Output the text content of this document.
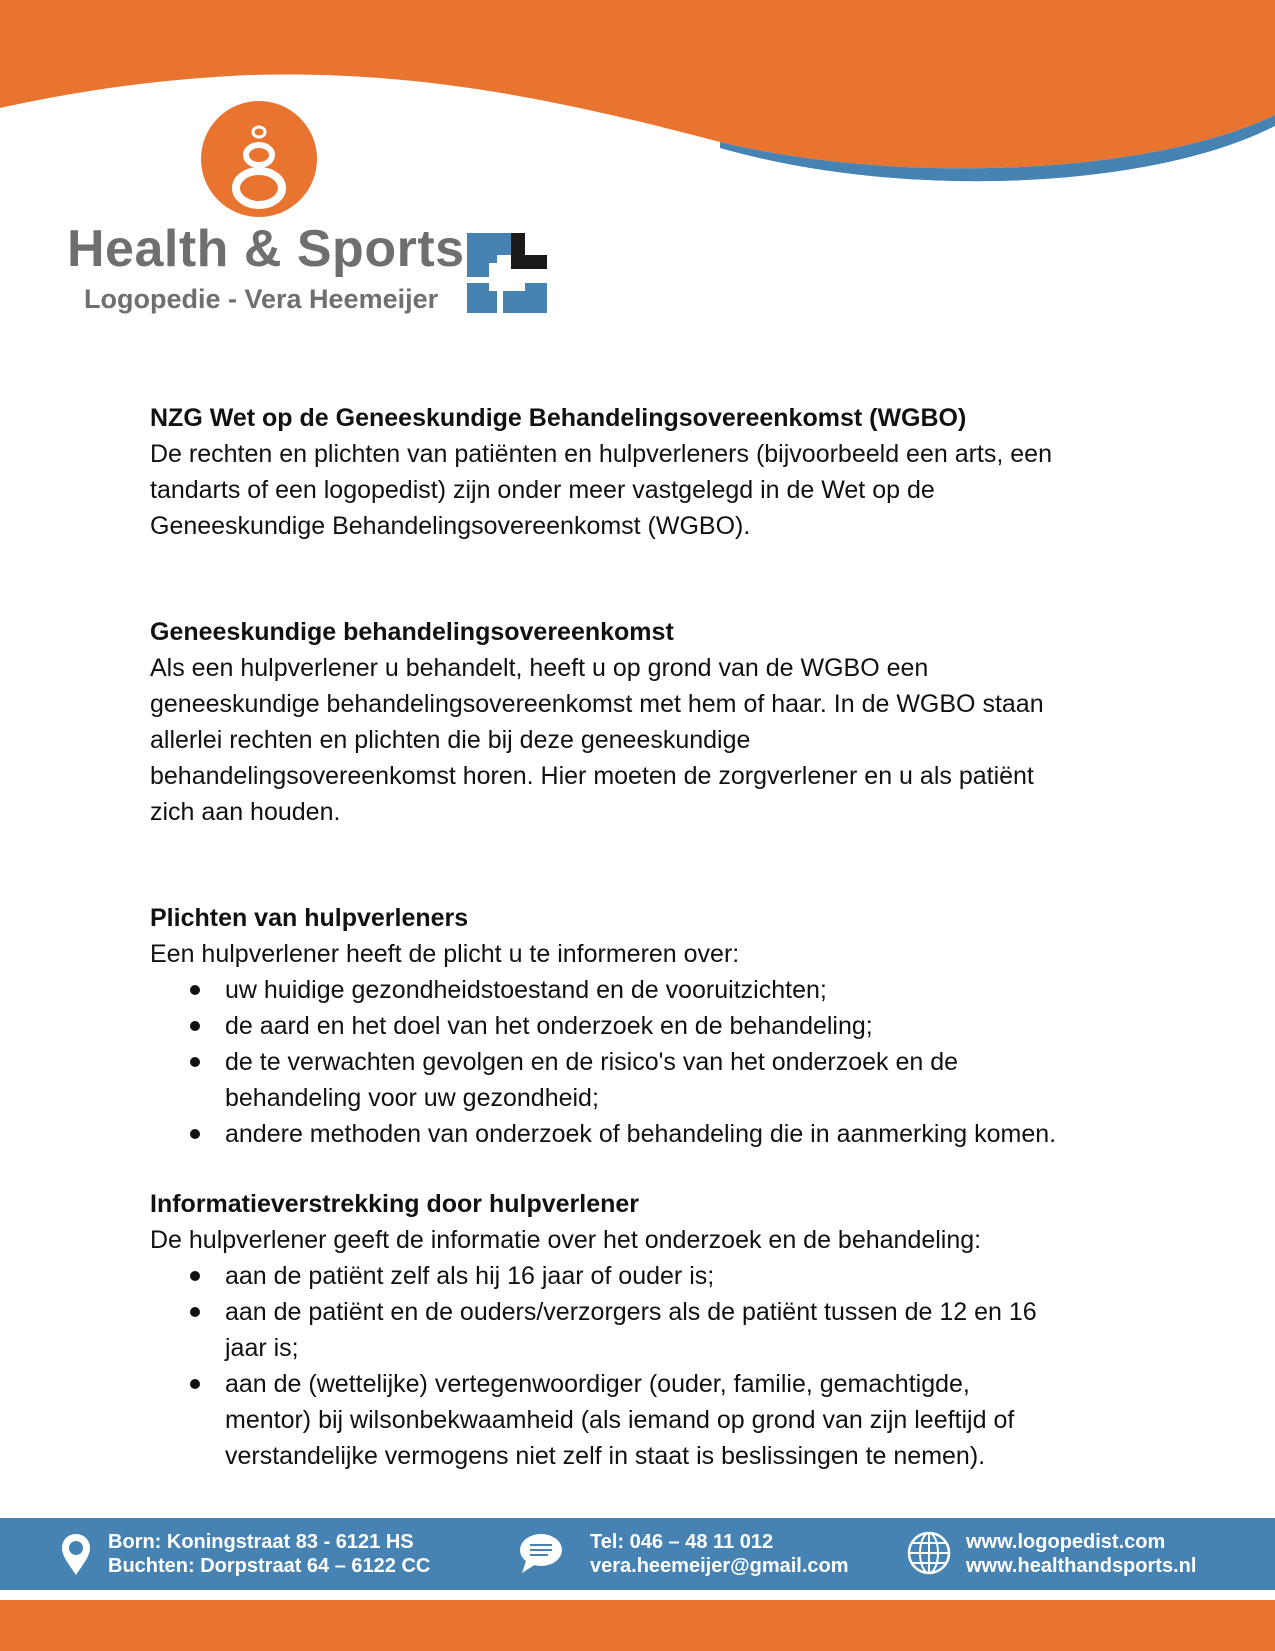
Health & Sports
Logopedie - Vera Heemeijer
NZG Wet op de Geneeskundige Behandelingsovereenkomst (WGBO)

De rechten en plichten van patiënten en hulpverleners (bijvoorbeeld een arts, een

tandarts of een logopedist) zijn onder meer vastgelegd in de Wet op de

Geneeskundige Behandelingsovereenkomst (WGBO).

Geneeskundige behandelingsovereenkomst

Als een hulpverlener u behandelt, heeft u op grond van de WGBO een

geneeskundige behandelingsovereenkomst met hem of haar. In de WGBO staan

allerlei rechten en plichten die bij deze geneeskundige

behandelingsovereenkomst horen. Hier moeten de zorgverlener en u als patiënt

zich aan houden.

Plichten van hulpverleners

Een hulpverlener heeft de plicht u te informeren over:

uw huidige gezondheidstoestand en de vooruitzichten;
de aard en het doel van het onderzoek en de behandeling;
de te verwachten gevolgen en de risico's van het onderzoek en de
behandeling voor uw gezondheid;
andere methoden van onderzoek of behandeling die in aanmerking komen.
Informatieverstrekking door hulpverlener

De hulpverlener geeft de informatie over het onderzoek en de behandeling:

aan de patiënt zelf als hij 16 jaar of ouder is;
aan de patiënt en de ouders/verzorgers als de patiënt tussen de 12 en 16
jaar is;
aan de (wettelijke) vertegenwoordiger (ouder, familie, gemachtigde,
mentor) bij wilsonbekwaamheid (als iemand op grond van zijn leeftijd of
verstandelijke vermogens niet zelf in staat is beslissingen te nemen).
Born: Koningstraat 83 - 6121 HS
Buchten: Dorpstraat 64 – 6122 CC
Tel: 046 – 48 11 012
vera.heemeijer@gmail.com
www.logopedist.com
www.healthandsports.nl
